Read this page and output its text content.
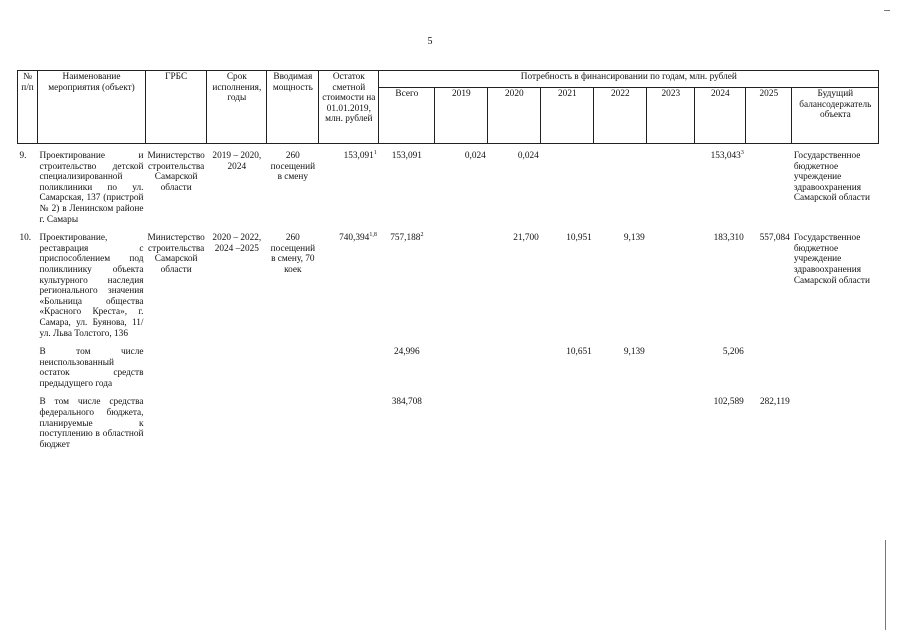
5
№ п/п	Наименование мероприятия (объект)	ГРБС	Срок исполнения, годы	Вводимая мощность	Остаток сметной стоимости на 01.01.2019, млн. рублей	Потребность в финансировании по годам, млн. рублей								
						Всего	2019	2020	2021	2022	2023	2024	2025	Будущий балансодержатель объекта

9.	Проектирование и строительство детской специализированной поликлиники по ул. Самарская, 137 (пристрой № 2) в Ленинском районе г. Самары	Министерство строительства Самарской области	2019 – 2020, 2024	260 посещений в смену	153,091$^1$	153,091	0,024	0,024				153,043$^3$		Государственное бюджетное учреждение здравоохранения Самарской области

10.	Проектирование, реставрация с приспособлением под поликлинику объекта культурного наследия регионального значения «Больница общества «Красного Креста», г. Самара, ул. Буянова, 11/ул. Льва Толстого, 136	Министерство строительства Самарской области	2020 – 2022, 2024 –2025	260 посещений в смену, 70 коек	740,394$^{1,8}$	757,188$^2$		21,700	10,951	9,139		183,310	557,084	Государственное бюджетное учреждение здравоохранения Самарской области

	В том числе неиспользованный остаток средств предыдущего года					24,996			10,651	9,139		5,206		

	В том числе средства федерального бюджета, планируемые к поступлению в областной бюджет					384,708						102,589	282,119	
